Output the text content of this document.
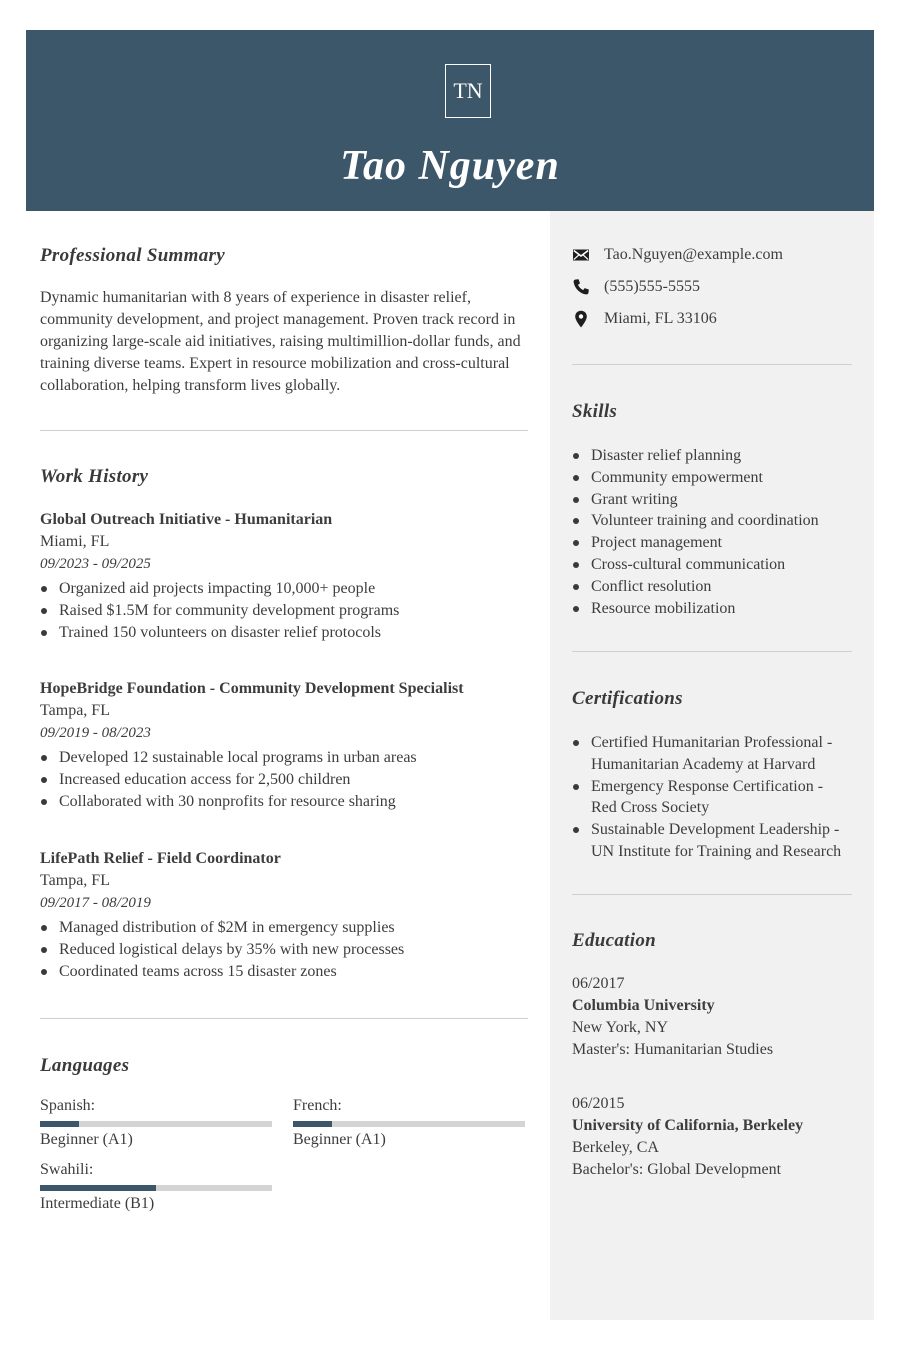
TN
Tao Nguyen
Professional Summary

Dynamic humanitarian with 8 years of experience in disaster relief, community development, and project management. Proven track record in organizing large-scale aid initiatives, raising multimillion-dollar funds, and training diverse teams. Expert in resource mobilization and cross-cultural collaboration, helping transform lives globally.

Work History
Global Outreach Initiative - Humanitarian
Miami, FL
09/2023 - 09/2025
Organized aid projects impacting 10,000+ people
Raised $1.5M for community development programs
Trained 150 volunteers on disaster relief protocols
HopeBridge Foundation - Community Development Specialist
Tampa, FL
09/2019 - 08/2023
Developed 12 sustainable local programs in urban areas
Increased education access for 2,500 children
Collaborated with 30 nonprofits for resource sharing
LifePath Relief - Field Coordinator
Tampa, FL
09/2017 - 08/2019
Managed distribution of $2M in emergency supplies
Reduced logistical delays by 35% with new processes
Coordinated teams across 15 disaster zones
Languages
Spanish:
Beginner (A1)
French:
Beginner (A1)
Swahili:
Intermediate (B1)
Tao.Nguyen@example.com
(555)555-5555
Miami, FL 33106
Skills
Disaster relief planning
Community empowerment
Grant writing
Volunteer training and coordination
Project management
Cross-cultural communication
Conflict resolution
Resource mobilization
Certifications
Certified Humanitarian Professional -
Humanitarian Academy at Harvard
Emergency Response Certification -
Red Cross Society
Sustainable Development Leadership -
UN Institute for Training and Research
Education
06/2017
Columbia University
New York, NY
Master's: Humanitarian Studies
06/2015
University of California, Berkeley
Berkeley, CA
Bachelor's: Global Development
